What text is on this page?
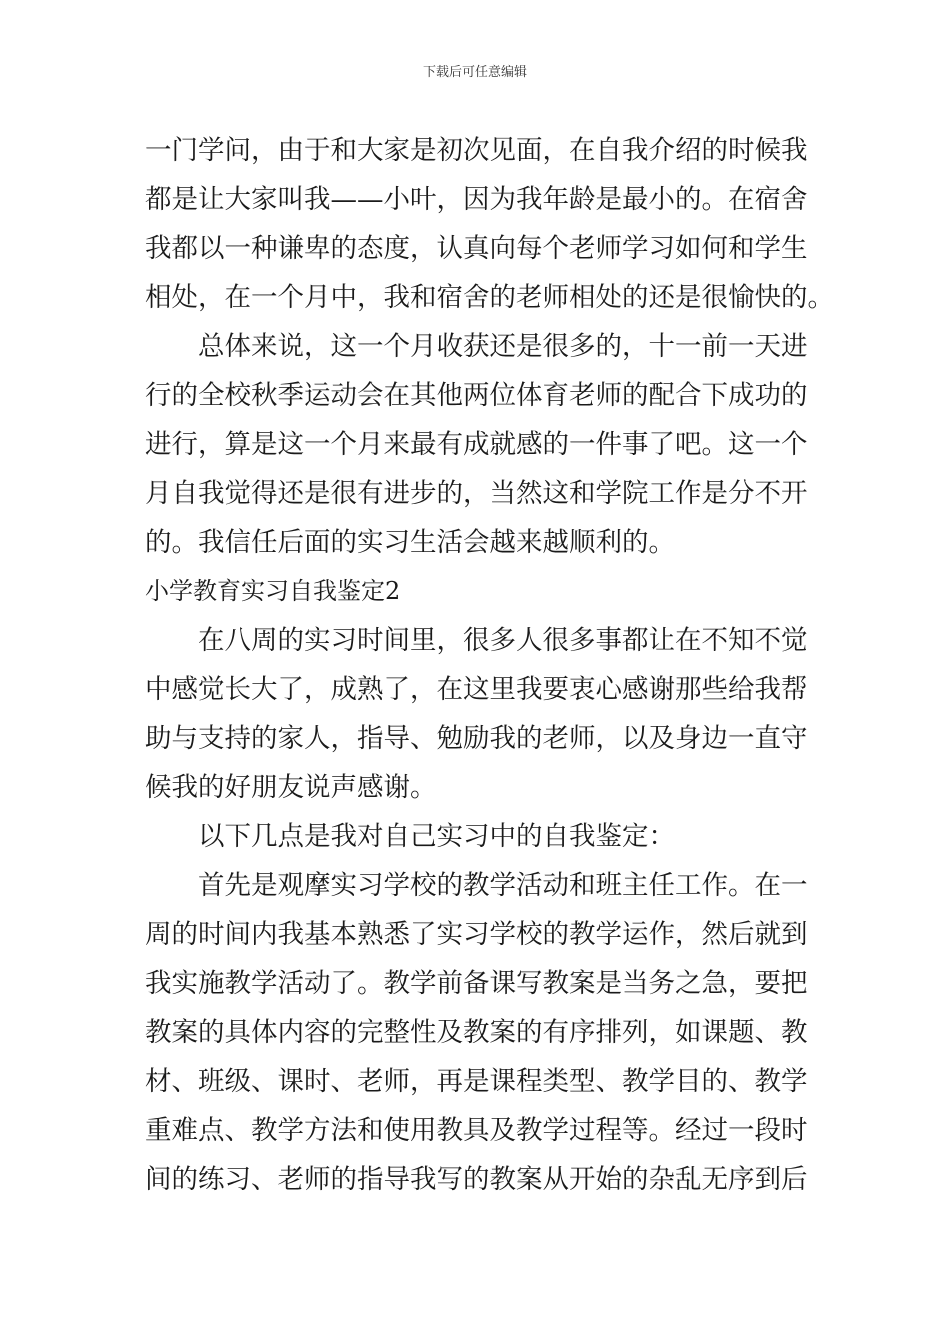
下载后可任意编辑
一门学问，由于和大家是初次见面，在自我介绍的时候我
都是让大家叫我——小叶，因为我年龄是最小的。在宿舍
我都以一种谦卑的态度，认真向每个老师学习如何和学生
相处，在一个月中，我和宿舍的老师相处的还是很愉快的。
总体来说，这一个月收获还是很多的，十一前一天进
行的全校秋季运动会在其他两位体育老师的配合下成功的
进行，算是这一个月来最有成就感的一件事了吧。这一个
月自我觉得还是很有进步的，当然这和学院工作是分不开
的。我信任后面的实习生活会越来越顺利的。
小学教育实习自我鉴定2
在八周的实习时间里，很多人很多事都让在不知不觉
中感觉长大了，成熟了，在这里我要衷心感谢那些给我帮
助与支持的家人，指导、勉励我的老师，以及身边一直守
候我的好朋友说声感谢。
以下几点是我对自己实习中的自我鉴定：
首先是观摩实习学校的教学活动和班主任工作。在一
周的时间内我基本熟悉了实习学校的教学运作，然后就到
我实施教学活动了。教学前备课写教案是当务之急，要把
教案的具体内容的完整性及教案的有序排列，如课题、教
材、班级、课时、老师，再是课程类型、教学目的、教学
重难点、教学方法和使用教具及教学过程等。经过一段时
间的练习、老师的指导我写的教案从开始的杂乱无序到后
